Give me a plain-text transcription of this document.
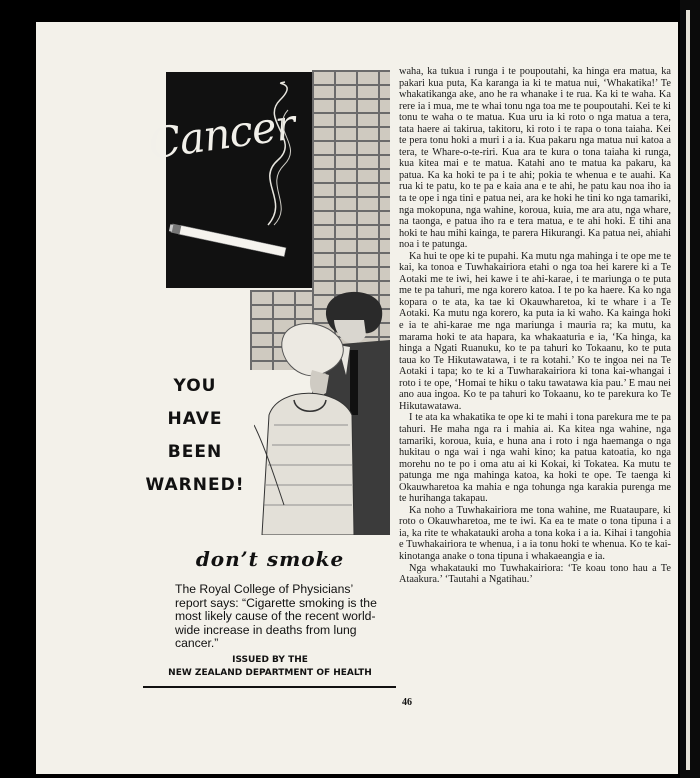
Cancer
YOU
HAVE
BEEN
WARNED!
don’t smoke
The Royal College of Physicians’ report says: “Cigarette smoking is the most likely cause of the recent world-wide increase in deaths from lung cancer.”
ISSUED BY THE
NEW ZEALAND DEPARTMENT OF HEALTH

waha, ka tukua i runga i te poupoutahi, ka hinga era matua, ka pakari kua puta, Ka karanga ia ki te matua nui, ‘Whakatika!’ Te whakatikanga ake, ano he ra whanake i te rua. Ka ki te waha. Ka rere ia i mua, me te whai tonu nga toa me te poupoutahi. Kei te ki tonu te waha o te matua. Kua uru ia ki roto o nga matua a tera, tata haere ai takirua, takitoru, ki roto i te rapa o tona taiaha. Kei te pera tonu hoki a muri i a ia. Kua pakaru nga matua nui katoa a tera, te Whare-o-te-riri. Kua ara te kura o tona taiaha ki runga, kua kitea mai e te matua. Katahi ano te matua ka pakaru, ka patua. Ka ka hoki te pa i te ahi; pokia te whenua e te auahi. Ka rua ki te patu, ko te pa e kaia ana e te ahi, he patu kau noa iho ia ta te ope i nga tini e patua nei, ara ke hoki he tini ko nga tamariki, nga mokopuna, nga wahine, koroua, kuia, me ara atu, nga whare, na taonga, e patua iho ra e tera matua, e te ahi hoki. E tihi ana hoki te hau mihi kainga, te parera Hikurangi. Ka patua nei, ahiahi noa i te patunga.

Ka hui te ope ki te pupahi. Ka mutu nga mahinga i te ope me te kai, ka tonoa e Tuwhakairiora etahi o nga toa hei karere ki a Te Aotaki me te iwi, hei kawe i te ahi-karae, i te mariunga o te puta me te pa tahuri, me nga korero katoa. I te po ka haere. Ka ko nga kopara o te ata, ka tae ki Okauwharetoa, ki te whare i a Te Aotaki. Ka mutu nga korero, ka puta ia ki waho. Ka kainga hoki e ia te ahi-karae me nga mariunga i mauria ra; ka mutu, ka marama hoki te ata hapara, ka whakaaturia e ia, ‘Ka hinga, ka hinga a Ngati Ruanuku, ko te pa tahuri ko Tokaanu, ko te puta taua ko Te Hikutawatawa, i te ra kotahi.’ Ko te ingoa nei na Te Aotaki i tapa; ko te ki a Tuwharakairiora ki tona kai-whangai i roto i te ope, ‘Homai te hiku o taku tawatawa kia pau.’ E mau nei ano aua ingoa. Ko te pa tahuri ko Tokaanu, ko te parekura ko Te Hikutawatawa.

I te ata ka whakatika te ope ki te mahi i tona parekura me te pa tahuri. He maha nga ra i mahia ai. Ka kitea nga wahine, nga tamariki, koroua, kuia, e huna ana i roto i nga haemanga o nga hukitau o nga wai i nga wahi kino; ka patua katoatia, ko nga morehu no te po i oma atu ai ki Kokai, ki Tokatea. Ka mutu te patunga me nga mahinga katoa, ka hoki te ope. Te taenga ki Okauwharetoa ka mahia e nga tohunga nga karakia purenga me te hurihanga takapau.

Ka noho a Tuwhakairiora me tona wahine, me Ruataupare, ki roto o Okauwharetoa, me te iwi. Ka ea te mate o tona tipuna i a ia, ka rite te whakatauki aroha a tona koka i a ia. Kihai i tangohia e Tuwhakairiora te whenua, i a ia tonu hoki te whenua. Ko te kai-kinotanga anake o tona tipuna i whakaeangia e ia.

Nga whakatauki mo Tuwhakairiora: ‘Te koau tono hau a Te Ataakura.’ ‘Tautahi a Ngatihau.’

46
